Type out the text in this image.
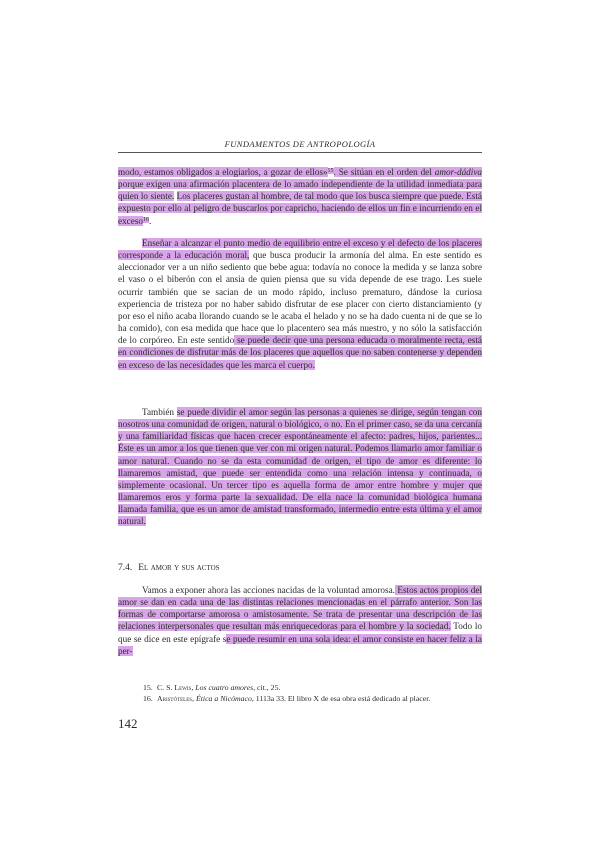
FUNDAMENTOS DE ANTROPOLOGÍA

modo, estamos obligados a elogiarlos, a gozar de ellos»$^{15}$. Se sitúan en el orden del amor-dádiva porque exigen una afirmación placentera de lo amado independiente de la utilidad inmediata para quien lo siente. Los placeres gustan al hombre, de tal modo que los busca siempre que puede. Está expuesto por ello al peligro de buscarlos por capricho, haciendo de ellos un fin e incurriendo en el exceso$^{16}$.

Enseñar a alcanzar el punto medio de equilibrio entre el exceso y el defecto de los placeres corresponde a la educación moral, que busca producir la armonía del alma. En este sentido es aleccionador ver a un niño sediento que bebe agua: todavía no conoce la medida y se lanza sobre el vaso o el biberón con el ansia de quien piensa que su vida depende de ese trago. Les suele ocurrir también que se sacian de un modo rápido, incluso prematuro, dándose la curiosa experiencia de tristeza por no haber sabido disfrutar de ese placer con cierto distanciamiento (y por eso el niño acaba llorando cuando se le acaba el helado y no se ha dado cuenta ni de que se lo ha comido), con esa medida que hace que lo placentero sea más nuestro, y no sólo la satisfacción de lo corpóreo. En este sentido se puede decir que una persona educada o moralmente recta, está en condiciones de disfrutar más de los placeres que aquellos que no saben contenerse y dependen en exceso de las necesidades que les marca el cuerpo.

También se puede dividir el amor según las personas a quienes se dirige, según tengan con nosotros una comunidad de origen, natural o biológico, o no. En el primer caso, se da una cercanía y una familiaridad físicas que hacen crecer espontáneamente el afecto: padres, hijos, parientes... Éste es un amor a los que tienen que ver con mi origen natural. Podemos llamarlo amor familiar o amor natural. Cuando no se da esta comunidad de origen, el tipo de amor es diferente: lo llamaremos amistad, que puede ser entendida como una relación intensa y continuada, o simplemente ocasional. Un tercer tipo es aquella forma de amor entre hombre y mujer que llamaremos eros y forma parte la sexualidad. De ella nace la comunidad biológica humana llamada familia, que es un amor de amistad transformado, intermedio entre esta última y el amor natural.

7.4. El amor y sus actos

Vamos a exponer ahora las acciones nacidas de la voluntad amorosa. Estos actos propios del amor se dan en cada una de las distintas relaciones mencionadas en el párrafo anterior. Son las formas de comportarse amorosa o amistosamente. Se trata de presentar una descripción de las relaciones interpersonales que resultan más enriquecedoras para el hombre y la sociedad. Todo lo que se dice en este epígrafe se puede resumir en una sola idea: el amor consiste en hacer feliz a la per-

15. C. S. Lewis, Los cuatro amores, cit., 25.
16. Aristóteles, Ética a Nicómaco, 1113a 33. El libro X de esa obra está dedicado al placer.
142
